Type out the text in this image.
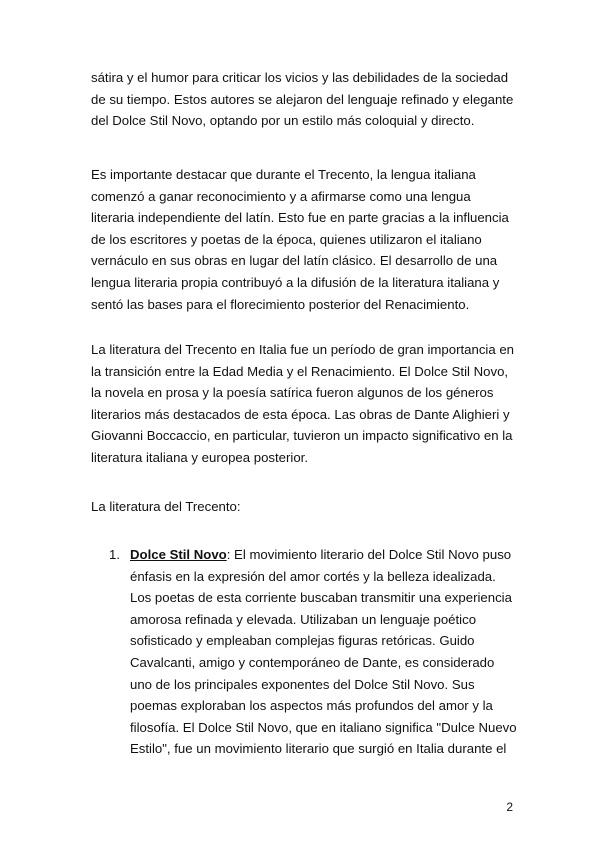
sátira y el humor para criticar los vicios y las debilidades de la sociedad
de su tiempo. Estos autores se alejaron del lenguaje refinado y elegante
del Dolce Stil Novo, optando por un estilo más coloquial y directo.

Es importante destacar que durante el Trecento, la lengua italiana
comenzó a ganar reconocimiento y a afirmarse como una lengua
literaria independiente del latín. Esto fue en parte gracias a la influencia
de los escritores y poetas de la época, quienes utilizaron el italiano
vernáculo en sus obras en lugar del latín clásico. El desarrollo de una
lengua literaria propia contribuyó a la difusión de la literatura italiana y
sentó las bases para el florecimiento posterior del Renacimiento.

La literatura del Trecento en Italia fue un período de gran importancia en
la transición entre la Edad Media y el Renacimiento. El Dolce Stil Novo,
la novela en prosa y la poesía satírica fueron algunos de los géneros
literarios más destacados de esta época. Las obras de Dante Alighieri y
Giovanni Boccaccio, en particular, tuvieron un impacto significativo en la
literatura italiana y europea posterior.

La literatura del Trecento:

1. Dolce Stil Novo: El movimiento literario del Dolce Stil Novo puso
énfasis en la expresión del amor cortés y la belleza idealizada.
Los poetas de esta corriente buscaban transmitir una experiencia
amorosa refinada y elevada. Utilizaban un lenguaje poético
sofisticado y empleaban complejas figuras retóricas. Guido
Cavalcanti, amigo y contemporáneo de Dante, es considerado
uno de los principales exponentes del Dolce Stil Novo. Sus
poemas exploraban los aspectos más profundos del amor y la
filosofía. El Dolce Stil Novo, que en italiano significa "Dulce Nuevo
Estilo", fue un movimiento literario que surgió en Italia durante el
2
